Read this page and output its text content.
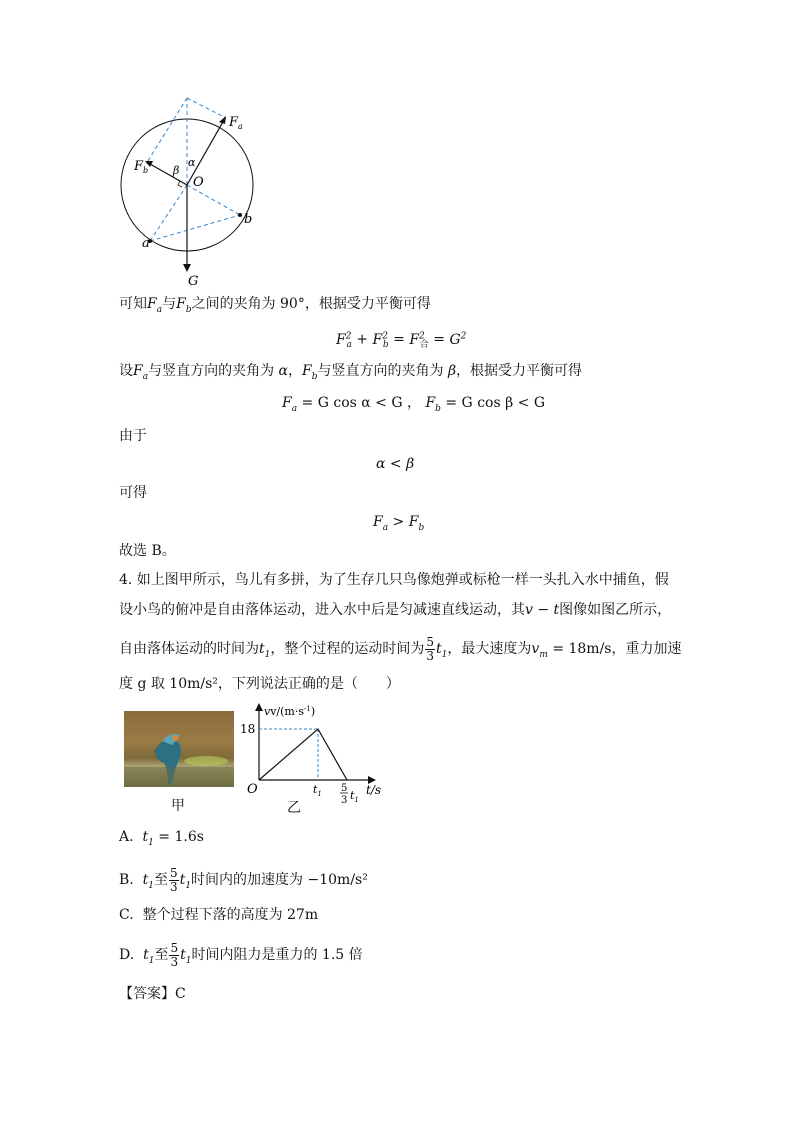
$F_a$
$F_b$
O
α
β
a
b
G
可知$F_a$与$F_b$之间的夹角为 90°，根据受力平衡可得
$F^2_a + F^2_b = F^2_合 = G^2$
设$F_a$与竖直方向的夹角为 α，$F_b$与竖直方向的夹角为 β，根据受力平衡可得
$F_a = G$ cos α < G ， $F_b = G$ cos β < G
由于
α < β
可得
$F_a > F_b$
故选 B。
4. 如上图甲所示，鸟儿有多拼，为了生存几只鸟像炮弹或标枪一样一头扎入水中捕鱼，假
设小鸟的俯冲是自由落体运动，进入水中后是匀减速直线运动，其v − t图像如图乙所示，
自由落体运动的时间为$t_1$，整个过程的运动时间为 $\frac{5}{3} t_1$，最大速度为$v_m = 18m/s$，重力加速
度 g 取 10m/s²，下列说法正确的是（　　）
甲
$vv/(m\cdot s^{-1})$
18
O	$t_1$ 5
3 $t_1$
t/s
乙
A. $t_1 = 1.6s$
B. $t_1$至 $\frac{5}{3} t_1$时间内的加速度为 −10m/s²
C. 整个过程下落的高度为 27m
D. $t_1$至 $\frac{5}{3} t_1$时间内阻力是重力的 1.5 倍
【答案】C
